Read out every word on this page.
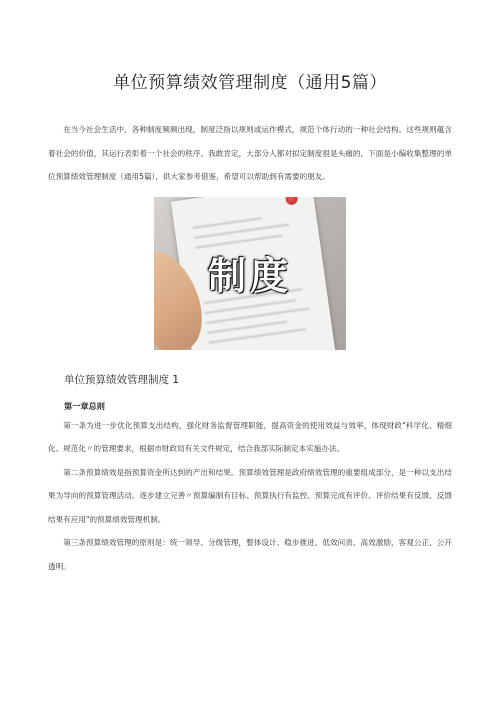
单位预算绩效管理制度（通用5篇）

在当今社会生活中，各种制度频频出现，制度泛指以规则或运作模式，规范个体行动的一种社会结构。这些规则蕴含着社会的价值，其运行表彰着一个社会的秩序。我敢肯定，大部分人都对拟定制度很是头痛的，下面是小编收集整理的单位预算绩效管理制度（通用5篇），供大家参考借鉴，希望可以帮助到有需要的朋友。

制度
单位预算绩效管理制度 1
第一章总则

第一条为进一步优化预算支出结构，强化财务监督管理职能，提高资金的使用效益与效率，体现财政"科学化、精细化、规范化〃的管理要求，根据市财政局有关文件规定，结合我部实际制定本实施办法。

第二条预算绩效是指预算资金所达到的产出和结果。预算绩效管理是政府绩效管理的重要组成部分，是一种以支出结果为导向的预算管理活动。逐步建立完善〃预算编制有目标、预算执行有监控、预算完成有评价、评价结果有反馈、反馈结果有应用"的预算绩效管理机制。

第三条预算绩效管理的原则是：统一领导、分级管理，整体设计、稳步推进，低效问责、高效激励，客观公正、公开透明。
